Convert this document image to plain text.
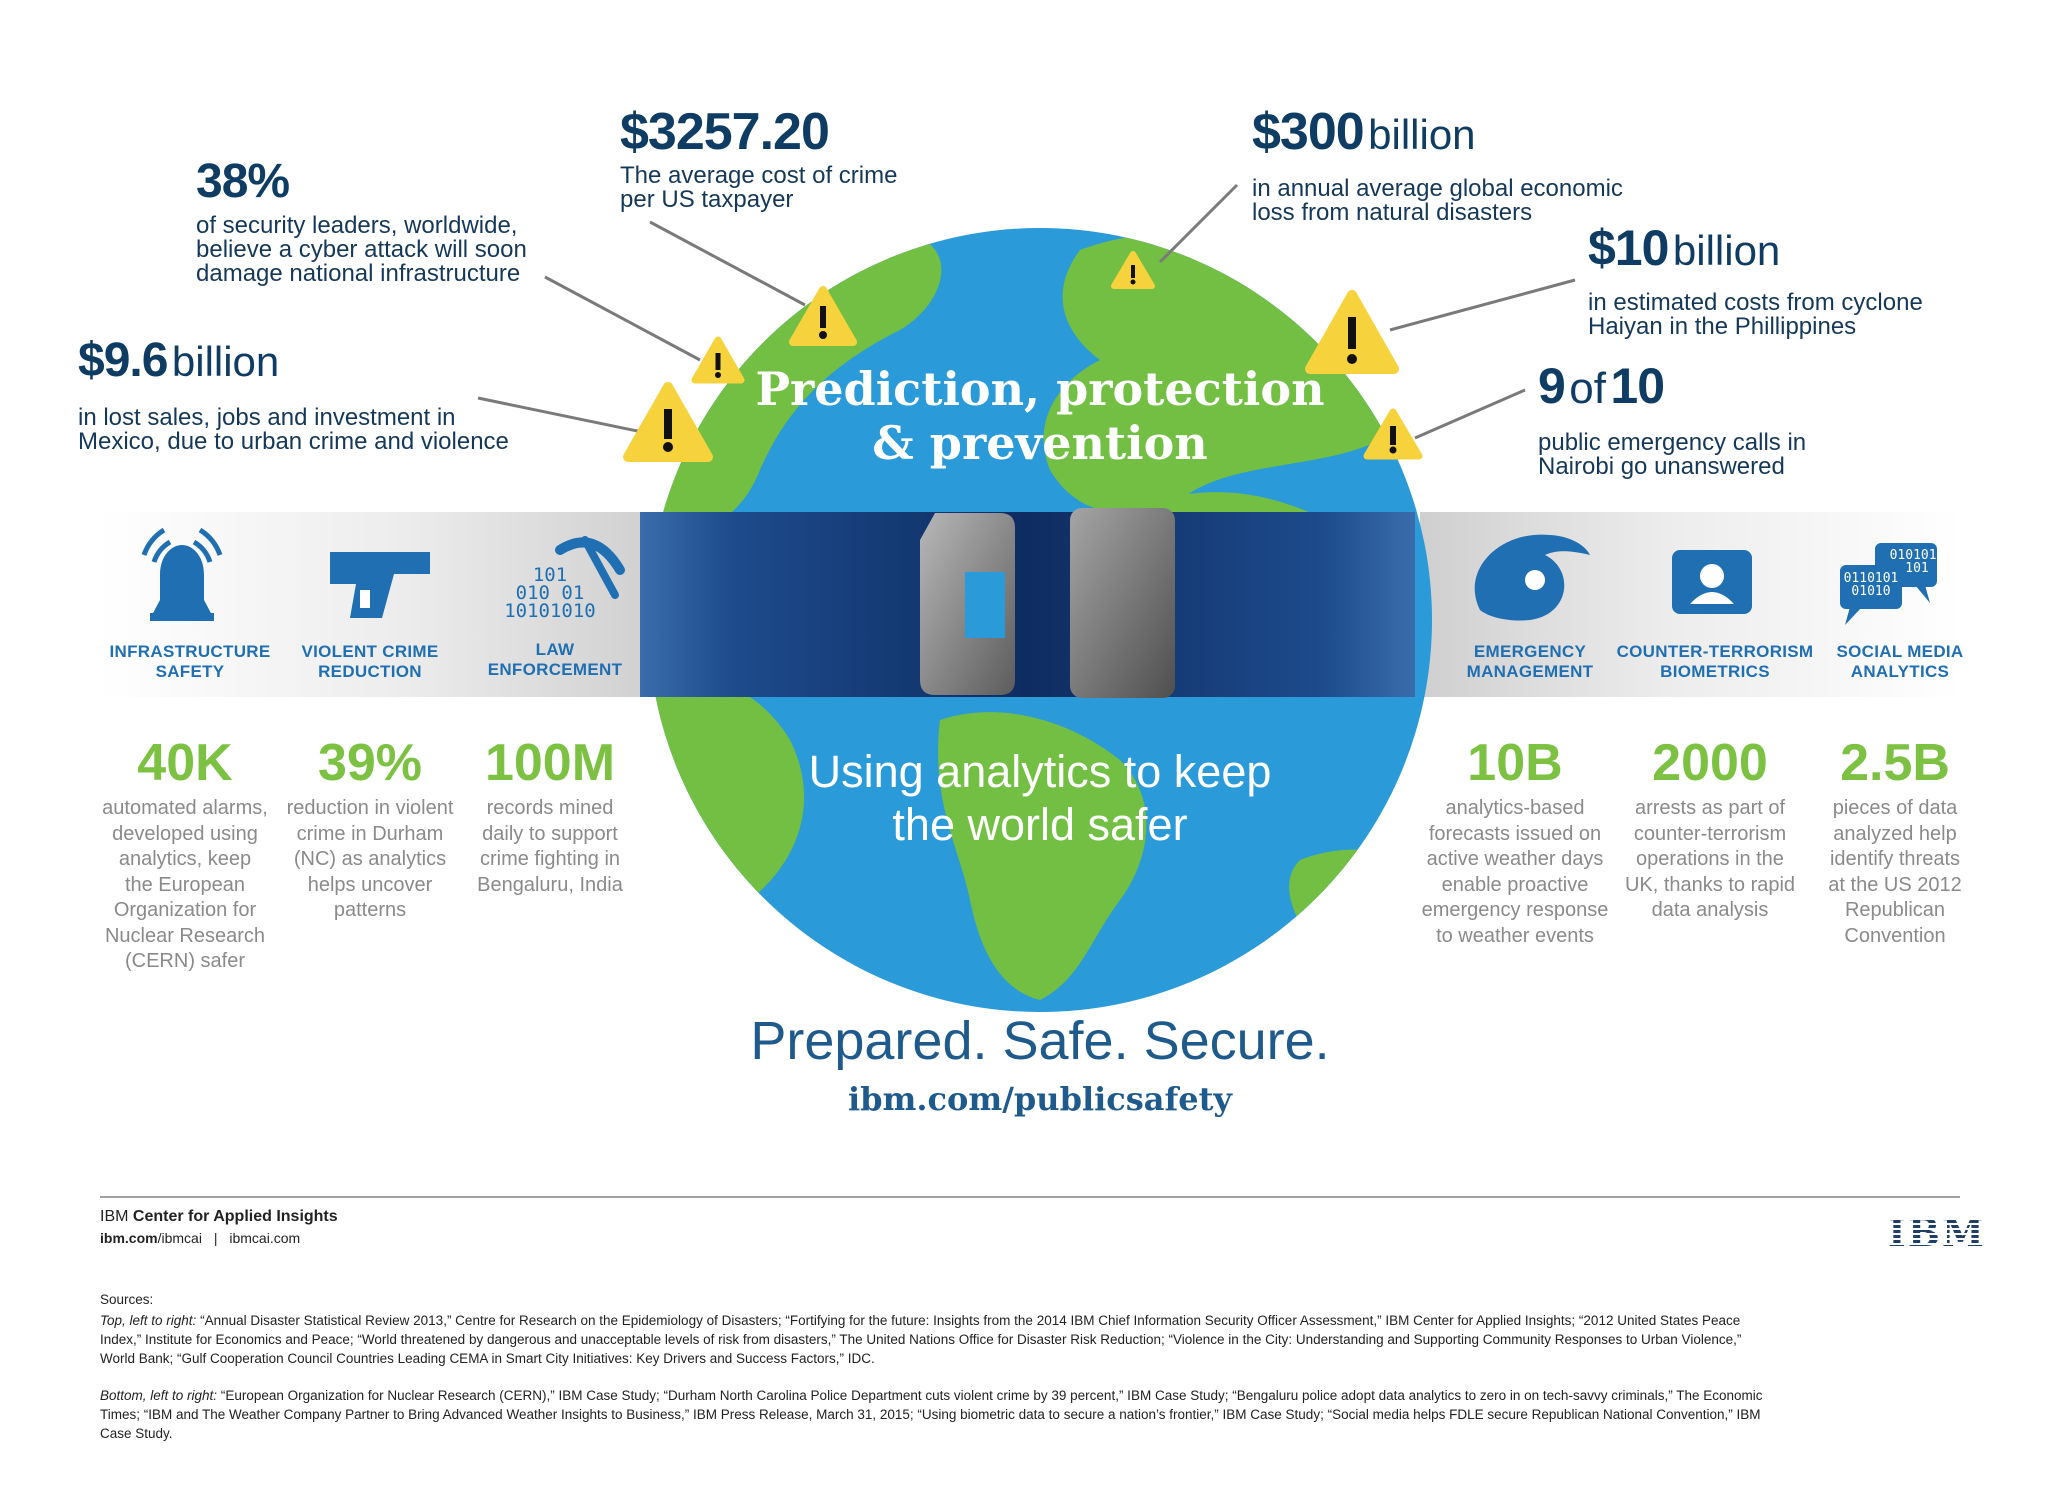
$9.6 billion
in lost sales, jobs and investment in
Mexico, due to urban crime and violence
38%
of security leaders, worldwide,
believe a cyber attack will soon
damage national infrastructure
$3257.20
The average cost of crime
per US taxpayer
$300 billion
in annual average global economic
loss from natural disasters
$10 billion
in estimated costs from cyclone
Haiyan in the Phillippines
9 of 10
public emergency calls in
Nairobi go unanswered
Prediction, protection
& prevention
Using analytics to keep
the world safer
101
010 01
10101010
0101010
101
0110101
01010
INFRASTRUCTURE
SAFETY
VIOLENT CRIME
REDUCTION
LAW
ENFORCEMENT
EMERGENCY
MANAGEMENT
COUNTER-TERRORISM
BIOMETRICS
SOCIAL MEDIA
ANALYTICS
40K
automated alarms,
developed using
analytics, keep
the European
Organization for
Nuclear Research
(CERN) safer
39%
reduction in violent
crime in Durham
(NC) as analytics
helps uncover
patterns
100M
records mined
daily to support
crime fighting in
Bengaluru, India
10B
analytics-based
forecasts issued on
active weather days
enable proactive
emergency response
to weather events
2000
arrests as part of
counter-terrorism
operations in the
UK, thanks to rapid
data analysis
2.5B
pieces of data
analyzed help
identify threats
at the US 2012
Republican
Convention
Prepared. Safe. Secure.
ibm.com/publicsafety
IBM Center for Applied Insights
ibm.com/ibmcai | ibmcai.com	IBM

Sources:

Top, left to right: “Annual Disaster Statistical Review 2013,” Centre for Research on the Epidemiology of Disasters; “Fortifying for the future: Insights from the 2014 IBM Chief Information Security Officer Assessment,” IBM Center for Applied Insights; “2012 United States Peace Index,” Institute for Economics and Peace; “World threatened by dangerous and unacceptable levels of risk from disasters,” The United Nations Office for Disaster Risk Reduction; “Violence in the City: Understanding and Supporting Community Responses to Urban Violence,” World Bank; “Gulf Cooperation Council Countries Leading CEMA in Smart City Initiatives: Key Drivers and Success Factors,” IDC.

Bottom, left to right: “European Organization for Nuclear Research (CERN),” IBM Case Study; “Durham North Carolina Police Department cuts violent crime by 39 percent,” IBM Case Study; “Bengaluru police adopt data analytics to zero in on tech-savvy criminals,” The Economic Times; “IBM and The Weather Company Partner to Bring Advanced Weather Insights to Business,” IBM Press Release, March 31, 2015; “Using biometric data to secure a nation’s frontier,” IBM Case Study; “Social media helps FDLE secure Republican National Convention,” IBM Case Study.
